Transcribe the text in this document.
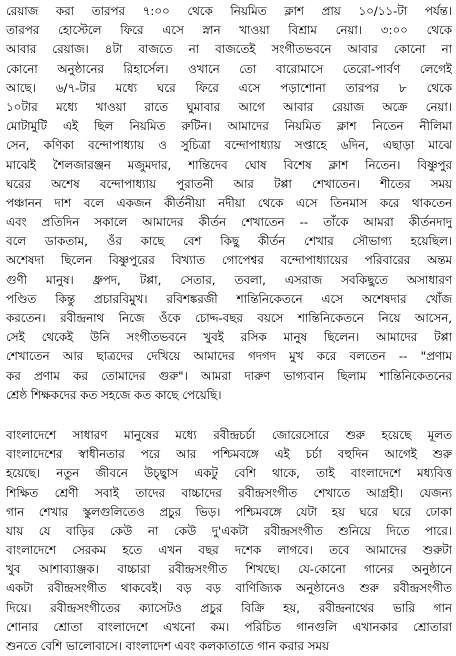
রেয়াজ করা তারপর ৭:০০ থেকে নিয়মিত ক্লাশ প্রায় ১০/১১-টা পর্যন্ত।
তারপর হোস্টেলে ফিরে এসে স্নান খাওয়া বিশ্রাম নেয়া। ৩:০০ থেকে
আবার রেয়াজ। ৪টা বাজতে না বাজতেই সংগীতভবনে আবার কোনো না
কোনো অনুষ্ঠানের রিহার্সেল। ওখানে তো বারোমাসে তেরো-পার্বণ লেগেই
আছে। ৬/৭-টার মধ্যে ঘরে ফিরে এসে পড়াশোনা তারপর ৮ থেকে
১০টার মধ্যে খাওয়া রাতে ঘুমাবার আগে আবার রেয়াজ অক্রে নেয়া।
মোটামুটি এই ছিল নিয়মিত রুটিন। আমাদের নিয়মিত ক্লাশ নিতেন নীলিমা
সেন, কণিকা বন্দোপাধ্যায় ও সুচিত্রা বন্দোপাধ্যায় সপ্তাহে ৬দিন, এছাড়া মাঝে
মাঝেই শৈলজারঞ্জন মজুমদার, শান্তিদেব ঘোষ বিশেষ ক্লাশ নিতেন। বিষ্ণুপুর
ঘরের অশেষ বন্দোপাধ্যায় পুরাতনী আর টপ্পা শেখাতেন। শীতের সময়
পঞ্চানন দাশ বলে একজন কীর্তনীয়া নদীয়া থেকে এসে তিনমাস করে থাকতেন
এবং প্রতিদিন সকালে আমাদের কীর্তন শেখাতেন -- তাঁকে আমরা কীর্তনদাদু
বলে ডাকতাম, ওঁর কাছে বেশ কিছু কীর্তন শেখার সৌভাগ্য হয়েছিল।
অশেষদা ছিলেন বিষ্ণুপুরের বিখ্যাত গোপেশ্বর বন্দোপাধ্যায়ের পরিবারের অন্তম
গুণী মানুষ। ধ্রুপদ, টপ্পা, সেতার, তবলা, এসরাজ সবকিছুতে অসাধারণ
পণ্ডিত কিন্তু প্রচারবিমুখ। রবিশঙ্করজী শান্তিনিকেতনে এসে অশেষদার খোঁজ
করতেন। রবীন্দ্রনাথ নিজে ওঁকে চোদ্দ-বছর বয়সে শান্তিনিকেতনে নিয়ে আসেন,
সেই থেকেই উনি সংগীতভবনে খুবই রসিক মানুষ ছিলেন। আমাদের টপ্পা
শেখাতেন আর ছাত্রদের দেখিয়ে আমাদের গদগদ মুখ করে বলতেন -- "প্রণাম
কর প্রণাম কর তোমাদের গুরু"। আমরা দারুণ ভাগ্যবান ছিলাম শান্তিনিকেতনের
শ্রেষ্ঠ শিক্ষকদের কত সহজে কত কাছে পেয়েছি।
বাংলাদেশে সাধারণ মানুষের মধ্যে রবীন্দ্রচর্চা জোরেসোরে শুরু হয়েছে মূলত
বাংলাদেশের স্বাধীনতার পরে আর পশ্চিমবঙ্গে এই চর্চা বহুদিন আগেই শুরু
হয়েছে। নতুন জীবনে উচ্ছ্বাস একটু বেশি থাকে, তাই বাংলাদেশে মধ্যবিত্ত
শিক্ষিত শ্রেণী সবাই তাদের বাচ্চাদের রবীন্দ্রসংগীত শেখাতে আগ্রহী। যেজন্য
গান শেখার স্কুলগুলিতেও প্রচুর ভিড়। পশ্চিমবঙ্গে যেটা হয় ঘরে ঘরে ঢোকা
যায় যে বাড়ির কেউ না কেউ দু'একটা রবীন্দ্রসংগীত শুনিয়ে দিতে পারে।
বাংলাদেশে সেরকম হতে এখন বছর দশেক লাগবে। তবে আমাদের শুরুটা
খুব আশাব্যাঞ্জক। বাচ্চারা রবীন্দ্রসংগীত শিখছে। যে-কোনো গানের অনুষ্ঠানে
একটা রবীন্দ্রসংগীত থাকবেই। বড় বড় বাণিজ্যিক অনুষ্ঠানেও শুরু রবীন্দ্রসংগীত
দিয়ে। রবীন্দ্রসংগীতের ক্যাসেটও প্রচুর বিক্রি হয়, রবীন্দ্রনাথের ভারি গান
শোনার শ্রোতা বাংলাদেশে এখনো কম। পরিচিত গানগুলি এখানকার শ্রোতারা
শুনতে বেশি ভালোবাসে। বাংলাদেশ এবং কলকাতাতে গান করার সময়
